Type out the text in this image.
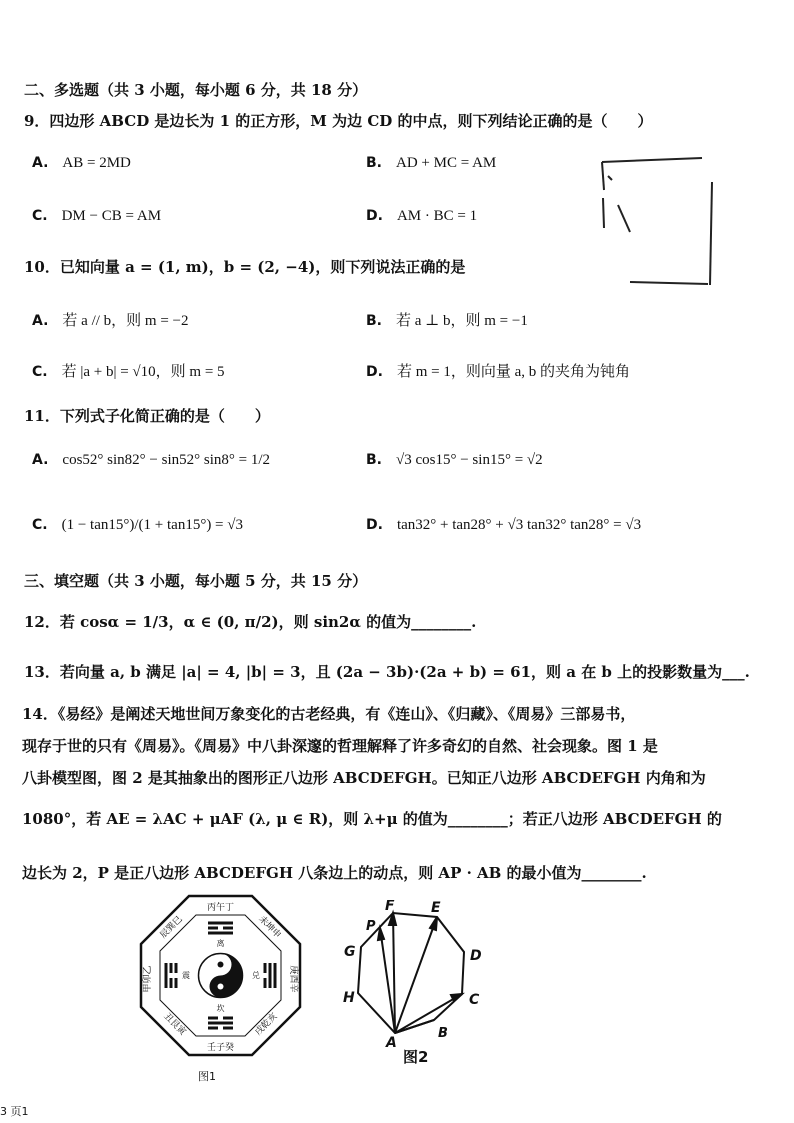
二、多选题（共 3 小题，每小题 6 分，共 18 分）
9．四边形 ABCD 是边长为 1 的正方形，M 为边 CD 的中点，则下列结论正确的是（　　）
A. AB = 2MD	B. AD + MC = AM
C. DM − CB = AM	D. AM · BC = 1
10．已知向量 a = (1, m)，b = (2, −4)，则下列说法正确的是
A. 若 a // b，则 m = −2	B. 若 a ⊥ b，则 m = −1
C. 若 |a + b| = √10，则 m = 5	D. 若 m = 1，则向量 a, b 的夹角为钝角
11．下列式子化简正确的是（　　）
A. cos52° sin82° − sin52° sin8° = 1/2	B. √3 cos15° − sin15° = √2
C. (1 − tan15°)/(1 + tan15°) = √3	D. tan32° + tan28° + √3 tan32° tan28° = √3
三、填空题（共 3 小题，每小题 5 分，共 15 分）
12．若 cosα = 1/3，α ∈ (0, π/2)，则 sin2α 的值为________.
13．若向量 a, b 满足 |a| = 4, |b| = 3，且 (2a − 3b)·(2a + b) = 61，则 a 在 b 上的投影数量为___.
14．《易经》是阐述天地世间万象变化的古老经典，有《连山》、《归藏》、《周易》三部易书，
现存于世的只有《周易》。《周易》中八卦深邃的哲理解释了许多奇幻的自然、社会现象。图 1 是
八卦模型图，图 2 是其抽象出的图形正八边形 ABCDEFGH。已知正八边形 ABCDEFGH 内角和为
1080°，若 AE = λAC + μAF (λ, μ ∈ R)，则 λ+μ 的值为________；若正八边形 ABCDEFGH 的
边长为 2，P 是正八边形 ABCDEFGH 八条边上的动点，则 AP · AB 的最小值为________.
丙午丁
壬子癸
甲卯乙	庚酉辛
辰巽巳	未坤申
戌乾亥
丑艮寅
离
坎
震	兑
图1
A
B
C
D
E
F
G
H
P
图2
3 页1
